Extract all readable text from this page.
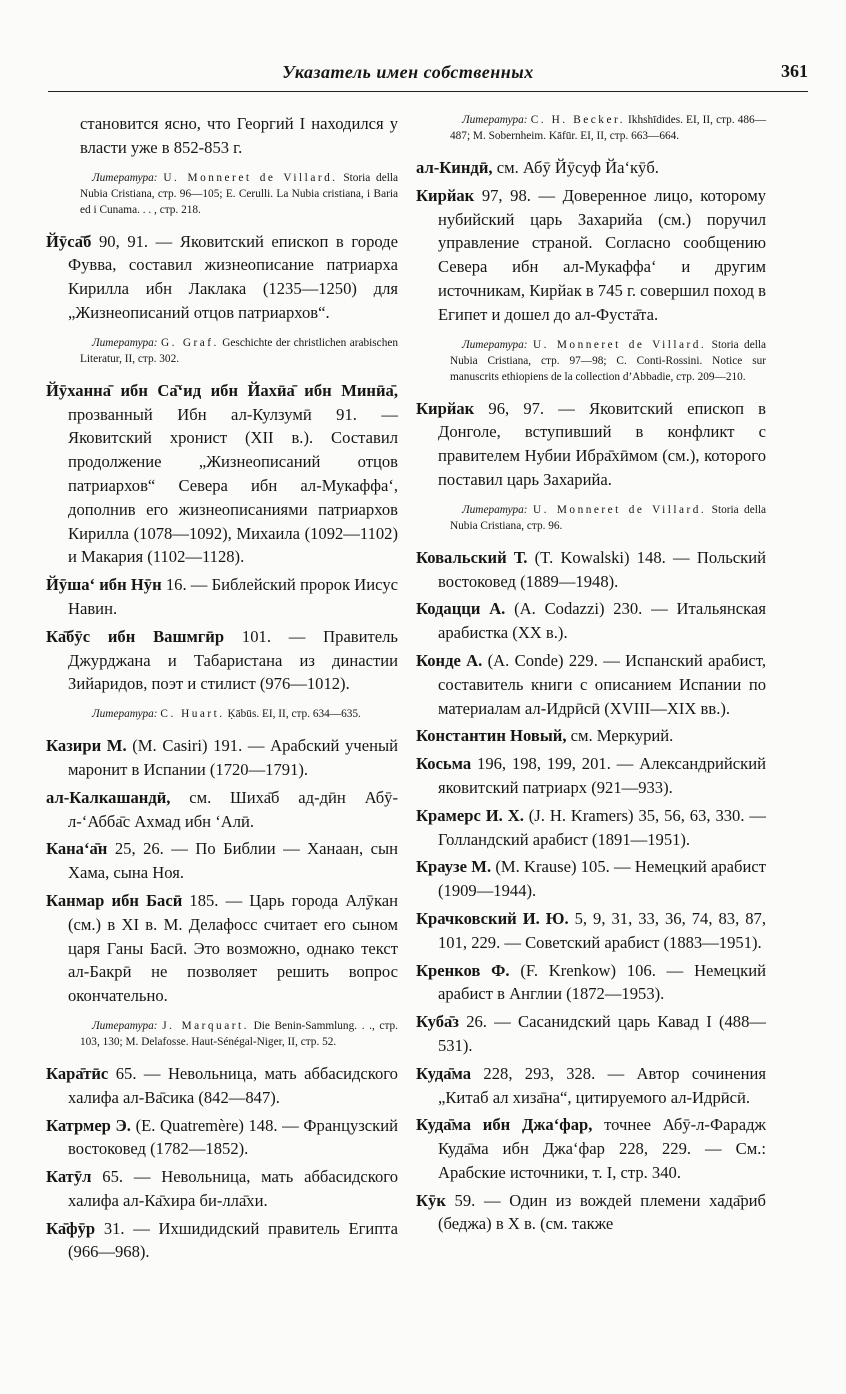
Указатель имен собственных	361

становится ясно, что Георгий I находился у власти уже в 852-853 г.

Литература: U. Monneret de Villard. Storia della Nubia Cristiana, стр. 96—105; E. Cerulli. La Nubia cristiana, i Baria ed i Cunama. . . , стр. 218.

Йӯса̄б 90, 91. — Яковитский епископ в городе Фувва, составил жизнеописание патриарха Кирилла ибн Лаклака (1235—1250) для „Жизнеописаний отцов патриархов“.

Литература: G. Graf. Geschichte der christlichen arabischen Literatur, II, стр. 302.

Йӯханна̄ ибн Са̄‘ид ибн Йахӣа̄ ибн Минӣа̄, прозванный Ибн ал-Кулзумӣ 91. — Яковитский хронист (XII в.). Составил продолжение „Жизнеописаний отцов патриархов“ Севера ибн ал-Мукаффа‘, дополнив его жизнеописаниями патриархов Кирилла (1078—1092), Михаила (1092—1102) и Макария (1102—1128).

Йӯша‘ ибн Нӯн 16. — Библейский пророк Иисус Навин.

Ка̄бӯс ибн Вашмгӣр 101. — Правитель Джурджана и Табаристана из династии Зийаридов, поэт и стилист (976—1012).

Литература: C. Huart. Ḳābūs. EI, II, стр. 634—635.

Казири М. (M. Casiri) 191. — Арабский ученый маронит в Испании (1720—1791).

ал-Калкашандӣ, см. Шиха̄б ад-дӣн Абӯ-л-‘Абба̄с Ахмад ибн ‘Алӣ.

Кана‘а̄н 25, 26. — По Библии — Ханаан, сын Хама, сына Ноя.

Канмар ибн Басӣ 185. — Царь города Алӯкан (см.) в XI в. М. Делафосс считает его сыном царя Ганы Басӣ. Это возможно, однако текст ал-Бакрӣ не позволяет решить вопрос окончательно.

Литература: J. Marquart. Die Benin-Sammlung. . ., стр. 103, 130; M. Delafosse. Haut-Sénégal-Niger, II, стр. 52.

Кара̄тӣс 65. — Невольница, мать аббасидского халифа ал-Ва̄сика (842—847).

Катрмер Э. (E. Quatremère) 148. — Французский востоковед (1782—1852).

Катӯл 65. — Невольница, мать аббасидского халифа ал-Ка̄хира би-лла̄хи.

Ка̄фӯр 31. — Ихшидидский правитель Египта (966—968).

Литература: C. H. Becker. Ikhshīdides. EI, II, стр. 486—487; M. Sobernheim. Kāfūr. EI, II, стр. 663—664.

ал-Киндӣ, см. Абӯ Йӯсуф Йа‘кӯб.

Кирйак 97, 98. — Доверенное лицо, которому нубийский царь Захарийа (см.) поручил управление страной. Согласно сообщению Севера ибн ал-Мукаффа‘ и другим источникам, Кирйак в 745 г. совершил поход в Египет и дошел до ал-Фуста̄та.

Литература: U. Monneret de Villard. Storia della Nubia Cristiana, стр. 97—98; C. Conti-Rossini. Notice sur manuscrits ethiopiens de la collection d’Abbadie, стр. 209—210.

Кирйак 96, 97. — Яковитский епископ в Донголе, вступивший в конфликт с правителем Нубии Ибра̄хӣмом (см.), которого поставил царь Захарийа.

Литература: U. Monneret de Villard. Storia della Nubia Cristiana, стр. 96.

Ковальский Т. (T. Kowalski) 148. — Польский востоковед (1889—1948).

Кодацци А. (A. Codazzi) 230. — Итальянская арабистка (XX в.).

Конде А. (A. Conde) 229. — Испанский арабист, составитель книги с описанием Испании по материалам ал-Идрӣсӣ (XVIII—XIX вв.).

Константин Новый, см. Меркурий.

Косьма 196, 198, 199, 201. — Александрийский яковитский патриарх (921—933).

Крамерс И. Х. (J. H. Kramers) 35, 56, 63, 330. — Голландский арабист (1891—1951).

Краузе М. (M. Krause) 105. — Немецкий арабист (1909—1944).

Крачковский И. Ю. 5, 9, 31, 33, 36, 74, 83, 87, 101, 229. — Советский арабист (1883—1951).

Кренков Ф. (F. Krenkow) 106. — Немецкий арабист в Англии (1872—1953).

Куба̄з 26. — Сасанидский царь Кавад I (488—531).

Куда̄ма 228, 293, 328. — Автор сочинения „Китаб ал хиза̄на“, цитируемого ал-Идрӣсӣ.

Куда̄ма ибн Джа‘фар, точнее Абӯ-л-Фарадж Куда̄ма ибн Джа‘фар 228, 229. — См.: Арабские источники, т. I, стр. 340.

Кӯк 59. — Один из вождей племени хада̄риб (беджа) в X в. (см. также
